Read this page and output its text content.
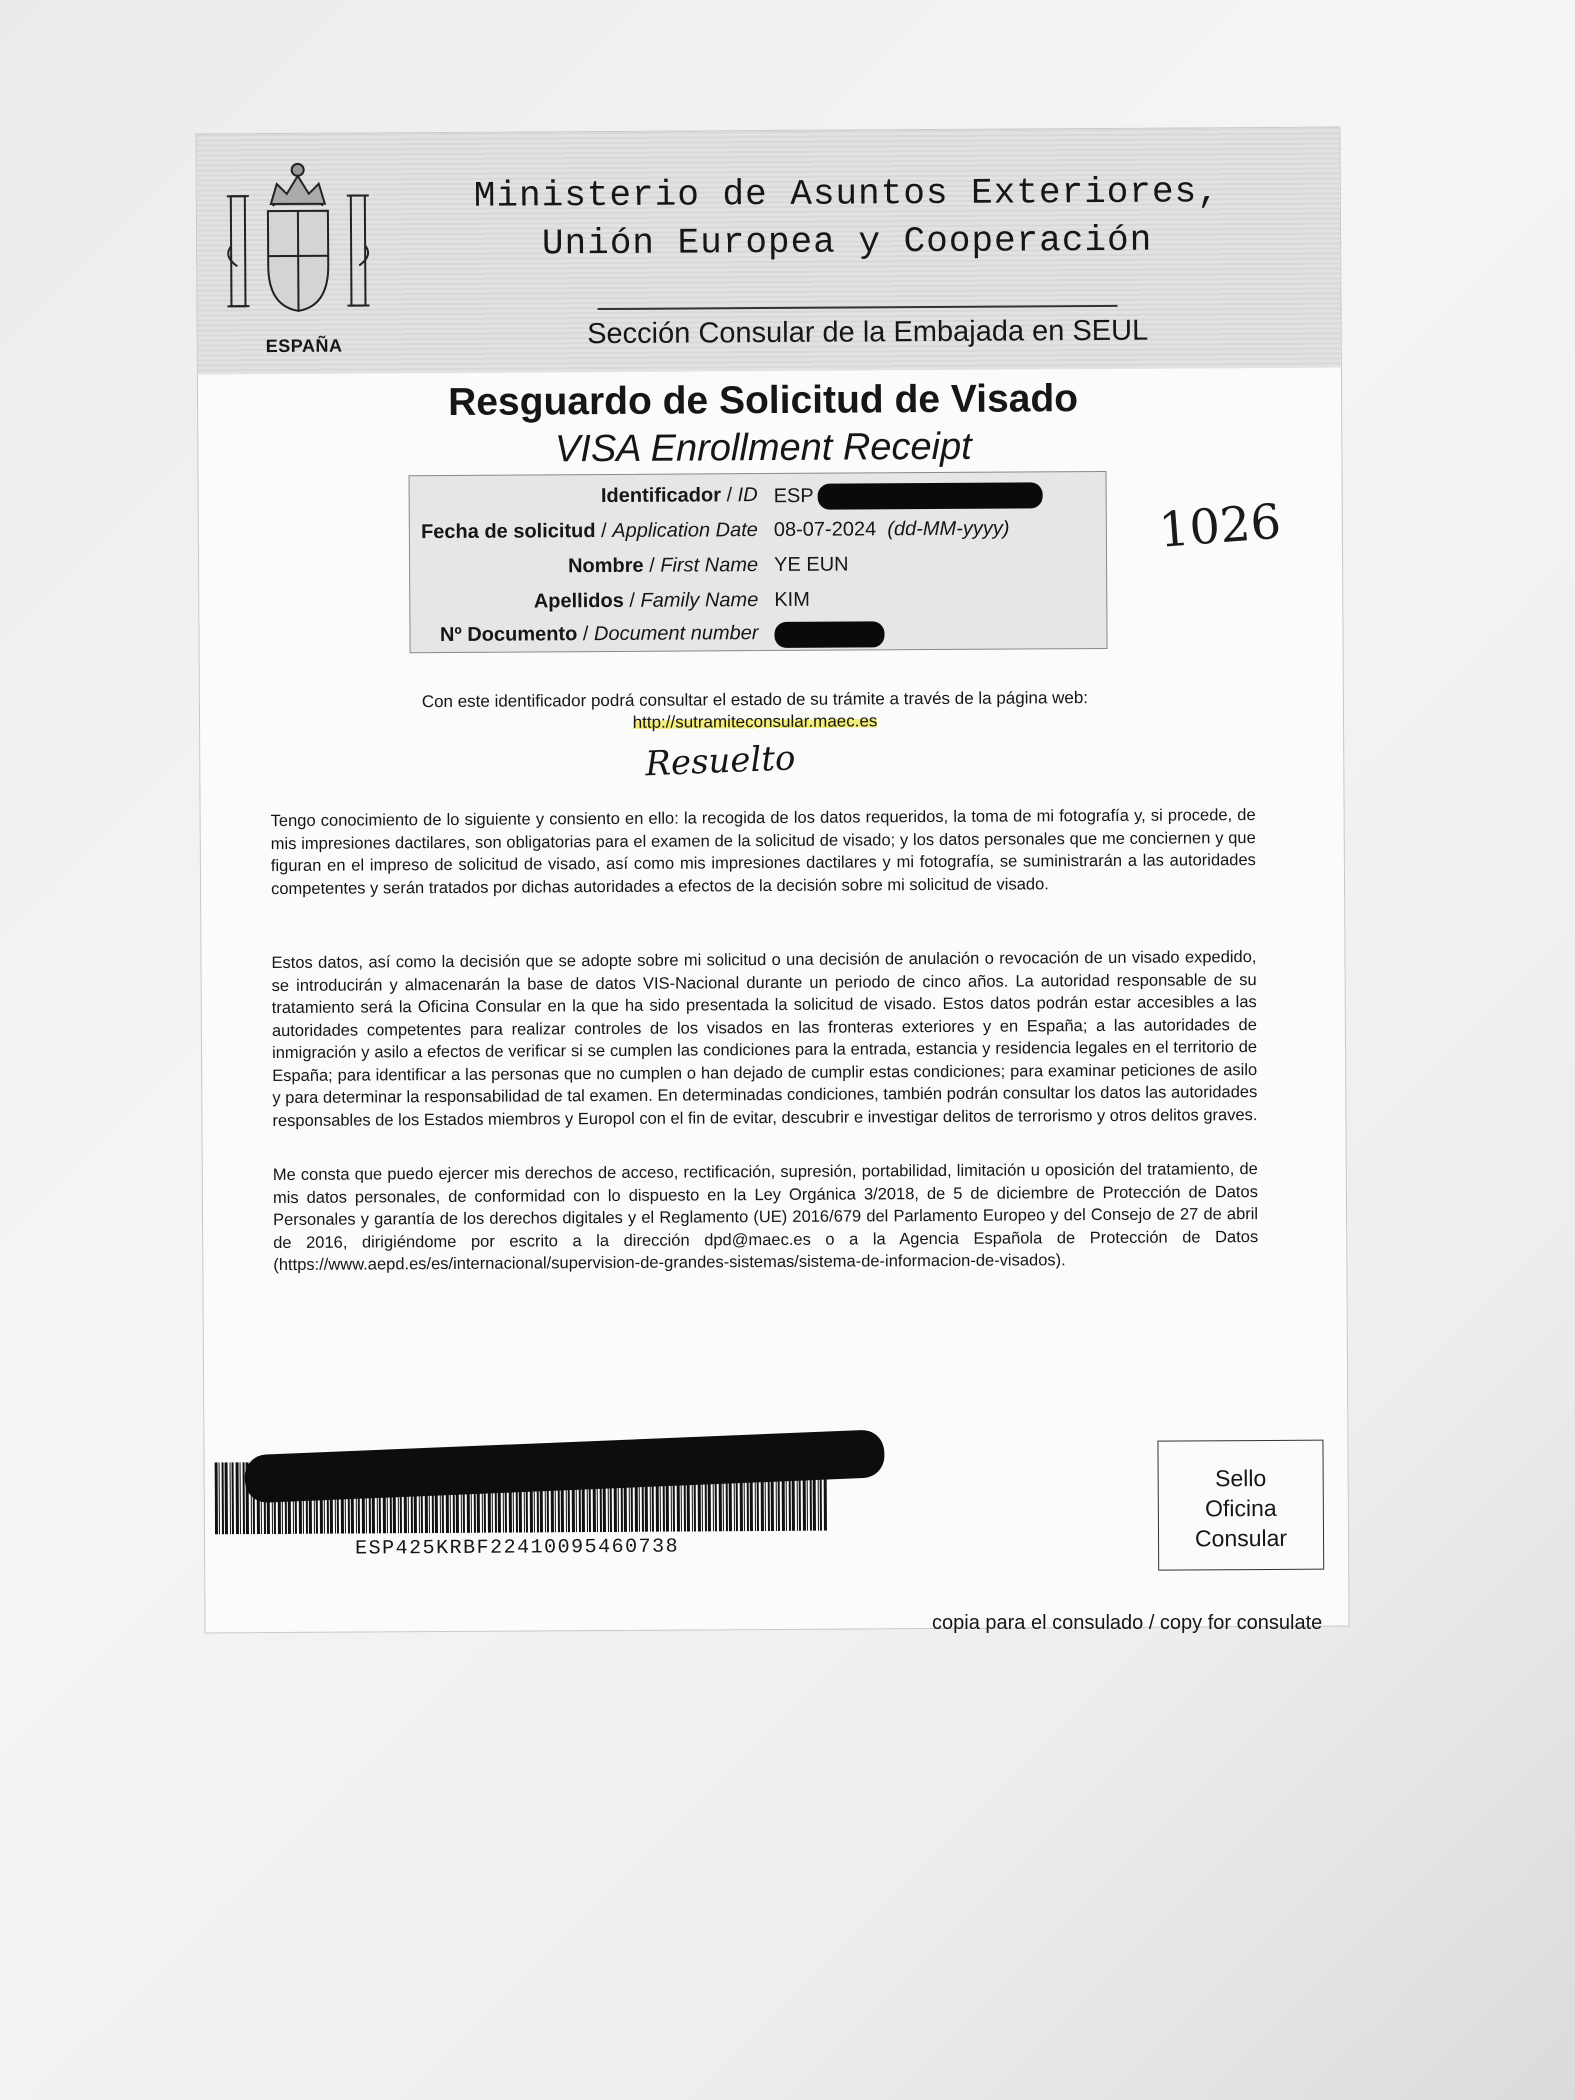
ESPAÑA
Ministerio de Asuntos Exteriores,
Unión Europea y Cooperación
Sección Consular de la Embajada en SEUL
Resguardo de Solicitud de Visado
VISA Enrollment Receipt
Identificador / ID ESP
Fecha de solicitud / Application Date 08-07-2024 (dd-MM-yyyy)
Nombre / First Name YE EUN
Apellidos / Family Name KIM
Nº Documento / Document number
1026
Con este identificador podrá consultar el estado de su trámite a través de la página web:
http://sutramiteconsular.maec.es
Resuelto
Tengo conocimiento de lo siguiente y consiento en ello: la recogida de los datos requeridos, la toma de mi fotografía y, si procede, de mis impresiones dactilares, son obligatorias para el examen de la solicitud de visado; y los datos personales que me conciernen y que figuran en el impreso de solicitud de visado, así como mis impresiones dactilares y mi fotografía, se suministrarán a las autoridades competentes y serán tratados por dichas autoridades a efectos de la decisión sobre mi solicitud de visado.
Estos datos, así como la decisión que se adopte sobre mi solicitud o una decisión de anulación o revocación de un visado expedido, se introducirán y almacenarán la base de datos VIS-Nacional durante un periodo de cinco años. La autoridad responsable de su tratamiento será la Oficina Consular en la que ha sido presentada la solicitud de visado. Estos datos podrán estar accesibles a las autoridades competentes para realizar controles de los visados en las fronteras exteriores y en España; a las autoridades de inmigración y asilo a efectos de verificar si se cumplen las condiciones para la entrada, estancia y residencia legales en el territorio de España; para identificar a las personas que no cumplen o han dejado de cumplir estas condiciones; para examinar peticiones de asilo y para determinar la responsabilidad de tal examen. En determinadas condiciones, también podrán consultar los datos las autoridades responsables de los Estados miembros y Europol con el fin de evitar, descubrir e investigar delitos de terrorismo y otros delitos graves.
Me consta que puedo ejercer mis derechos de acceso, rectificación, supresión, portabilidad, limitación u oposición del tratamiento, de mis datos personales, de conformidad con lo dispuesto en la Ley Orgánica 3/2018, de 5 de diciembre de Protección de Datos Personales y garantía de los derechos digitales y el Reglamento (UE) 2016/679 del Parlamento Europeo y del Consejo de 27 de abril de 2016, dirigiéndome por escrito a la dirección dpd@maec.es o a la Agencia Española de Protección de Datos (https://www.aepd.es/es/internacional/supervision-de-grandes-sistemas/sistema-de-informacion-de-visados).
ESP425KRBF22410095460738
Sello
Oficina
Consular
copia para el consulado / copy for consulate
